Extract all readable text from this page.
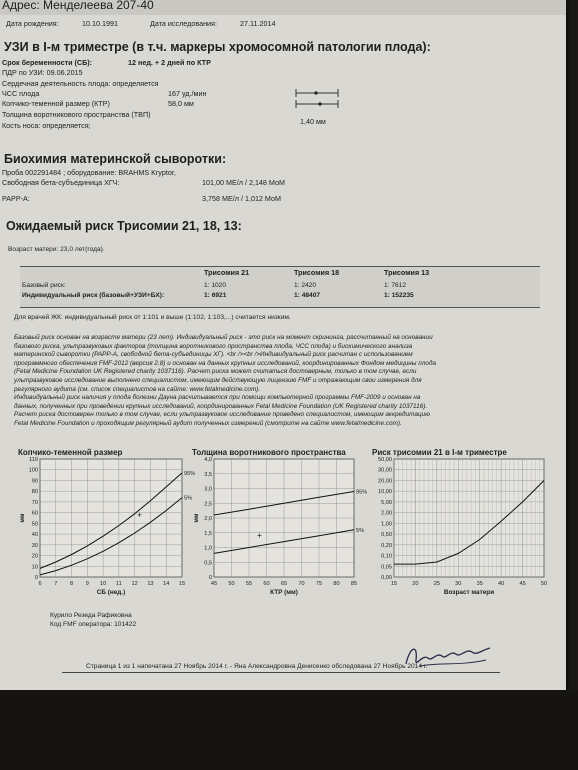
Адрес: Менделеева 207-40
Дата рождения:	10.10.1991	Дата исследования:	27.11.2014
УЗИ в I-м триместре (в т.ч. маркеры хромосомной патологии плода):
Срок беременности (СБ):	12 нед. + 2 дней по КТР
ПДР по УЗИ: 09.06.2015
Сердечная деятельность плода: определяется
ЧСС плода	167 уд./мин
Копчико-теменной размер (КТР)	58,0 мм
Толщина воротникового пространства (ТВП)
1,40 мм
Кость носа: определяется;
Биохимия материнской сыворотки:
Проба 002291484 ; оборудование: BRAHMS Kryptor,
Свободная бета-субъединица ХГЧ:	101,00 МЕ/л / 2,148 МоМ
PAPP-A:	3,758 МЕ/л / 1,012 МоМ
Ожидаемый риск Трисомии 21, 18, 13:
Возраст матери: 23,0 лет(года).
Трисомия 21	Трисомия 18	Трисомия 13
Базовый риск:	1: 1020	1: 2420	1: 7612
Индивидуальный риск (базовый+УЗИ+БХ):	1: 6921	1: 48407	1: 152235
Для врачей ЖК: индивидуальный риск от 1:101 и выше (1:102, 1:103,...) считается низким.
Базовый риск основан на возрасте матери (23 лет). Индивидуальный риск - это риск на момент скрининга, рассчитанный на основании
базового риска, ультразвуковых факторов (толщина воротникового пространства плода, ЧСС плода) и биохимического анализа
материнской сыворотки (PAPP-A, свободной бета-субъединицы ХГ). <br /><br />Индивидуальный риск расчитан с использованием
программного обеспечения FMF-2012 (версия 2.8) и основан на данных крупных исследований, координированных Фондом медицины плода
(Fetal Medicine Foundation UK Registered charity 1037116). Расчет риска может считаться достоверным, только в том случае, если
ультразвуковое исследование выполнено специалистом, имеющим действующую лицензию FMF и отражающим свои измерения для
регулярного аудита (см. список специалистов на сайте: www.fetalmedicine.com).
Индивидуальный риск наличия у плода болезни Дауна расчитывается при помощи компьютерной программы FMF-2009 и основан на
данных, полученных при проведении крупных исследований, координированных Fetal Medicine Foundation (UK Registered charity 1037116).
Расчет риска достоверен только в том случае, если ультразвуковое исследование проведено специалистом, имеющим аккредитацию
Fetal Medicine Foundation и проходящим регулярный аудит полученных измерений (смотрите на сайте www.fetalmedicine.com).
Копчико-теменной размер
6 7 8 9 10 11 12 13 14 15
0
10
20
30
40
50
60
70
80
90
100
110
СБ (нед.)
мм
95%
5%
+
Толщина воротникового пространства
45 50 55 60 65 70 75 80 85
0
0,5
1,0
1,5
2,0
2,5
3,0
3,5
4,0
КТР (мм)
мм
95%
5%
+
Риск трисомии 21 в I-м триместре
15	20	25	30	35	40	45	50
0,00
0,05
0,10
0,20
0,50
1,00
2,00
5,00
10,00
20,00
30,00
50,00
Возраст матери
Курило Резеда Рафиковна
Код FMF оператора: 101422
Страница 1 из 1 напечатана 27 Ноябрь 2014 г. - Яна Александровна Денисенко обследована 27 Ноябрь 2014 г.
